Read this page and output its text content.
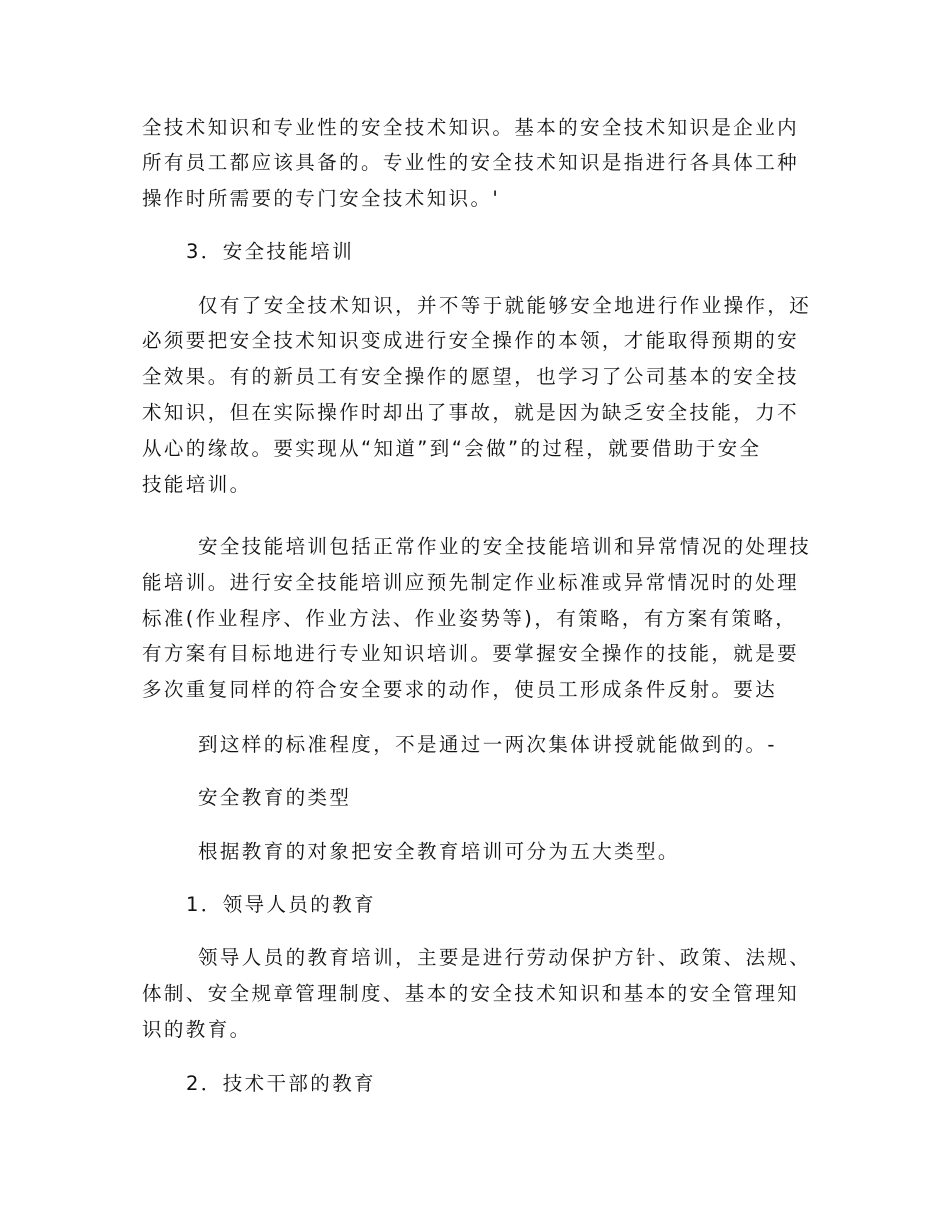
全技术知识和专业性的安全技术知识。基本的安全技术知识是企业内
所有员工都应该具备的。专业性的安全技术知识是指进行各具体工种
操作时所需要的专门安全技术知识。'
3．安全技能培训
仅有了安全技术知识，并不等于就能够安全地进行作业操作，还
必须要把安全技术知识变成进行安全操作的本领，才能取得预期的安
全效果。有的新员工有安全操作的愿望，也学习了公司基本的安全技
术知识，但在实际操作时却出了事故，就是因为缺乏安全技能，力不
从心的缘故。要实现从“知道”到“会做”的过程，就要借助于安全
技能培训。
安全技能培训包括正常作业的安全技能培训和异常情况的处理技
能培训。进行安全技能培训应预先制定作业标准或异常情况时的处理
标准(作业程序、作业方法、作业姿势等)，有策略，有方案有策略，
有方案有目标地进行专业知识培训。要掌握安全操作的技能，就是要
多次重复同样的符合安全要求的动作，使员工形成条件反射。要达
到这样的标准程度，不是通过一两次集体讲授就能做到的。-
安全教育的类型
根据教育的对象把安全教育培训可分为五大类型。
1．领导人员的教育
领导人员的教育培训，主要是进行劳动保护方针、政策、法规、
体制、安全规章管理制度、基本的安全技术知识和基本的安全管理知
识的教育。
2．技术干部的教育
